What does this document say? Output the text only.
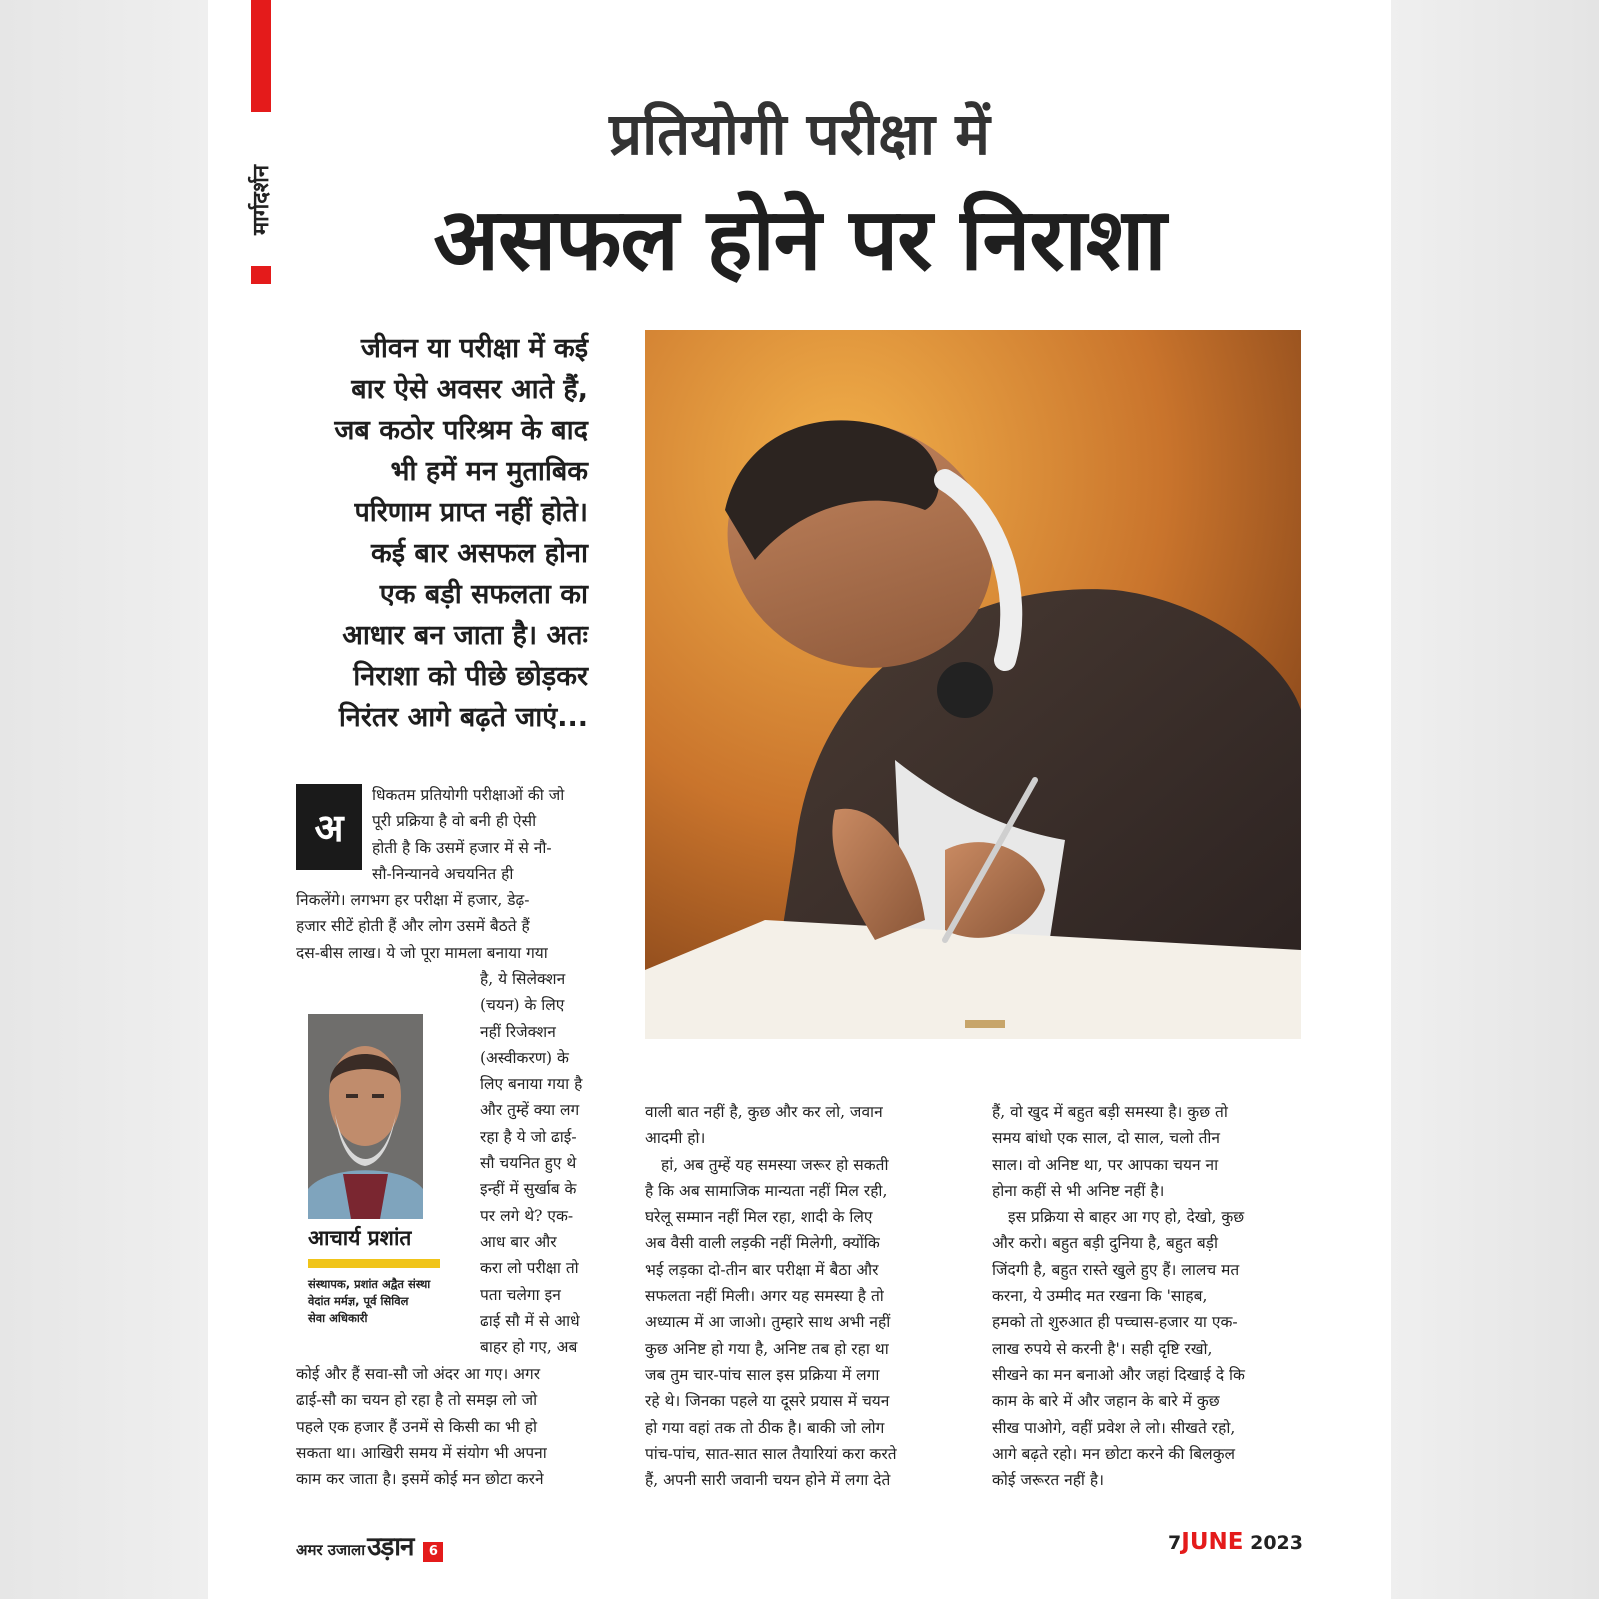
मार्गदर्शन
प्रतियोगी परीक्षा में
असफल होने पर निराशा
जीवन या परीक्षा में कई
बार ऐसे अवसर आते हैं,
जब कठोर परिश्रम के बाद
भी हमें मन मुताबिक
परिणाम प्राप्त नहीं होते।
कई बार असफल होना
एक बड़ी सफलता का
आधार बन जाता है। अतः
निराशा को पीछे छोड़कर
निरंतर आगे बढ़ते जाएं...
अ
धिकतम प्रतियोगी परीक्षाओं की जो
पूरी प्रक्रिया है वो बनी ही ऐसी
होती है कि उसमें हजार में से नौ-
सौ-निन्यानवे अचयनित ही
निकलेंगे। लगभग हर परीक्षा में हजार, डेढ़-
हजार सीटें होती हैं और लोग उसमें बैठते हैं
दस-बीस लाख। ये जो पूरा मामला बनाया गया
है, ये सिलेक्शन
(चयन) के लिए
नहीं रिजेक्शन
(अस्वीकरण) के
लिए बनाया गया है
और तुम्हें क्या लग
रहा है ये जो ढाई-
सौ चयनित हुए थे
इन्हीं में सुर्खाब के
पर लगे थे? एक-
आध बार और
करा लो परीक्षा तो
पता चलेगा इन
ढाई सौ में से आधे
बाहर हो गए, अब
कोई और हैं सवा-सौ जो अंदर आ गए। अगर
ढाई-सौ का चयन हो रहा है तो समझ लो जो
पहले एक हजार हैं उनमें से किसी का भी हो
सकता था। आखिरी समय में संयोग भी अपना
काम कर जाता है। इसमें कोई मन छोटा करने
आचार्य प्रशांत
संस्थापक, प्रशांत अद्वैत संस्था
वेदांत मर्मज्ञ, पूर्व सिविल
सेवा अधिकारी
वाली बात नहीं है, कुछ और कर लो, जवान
आदमी हो।
हां, अब तुम्हें यह समस्या जरूर हो सकती
है कि अब सामाजिक मान्यता नहीं मिल रही,
घरेलू सम्मान नहीं मिल रहा, शादी के लिए
अब वैसी वाली लड़की नहीं मिलेगी, क्योंकि
भई लड़का दो-तीन बार परीक्षा में बैठा और
सफलता नहीं मिली। अगर यह समस्या है तो
अध्यात्म में आ जाओ। तुम्हारे साथ अभी नहीं
कुछ अनिष्ट हो गया है, अनिष्ट तब हो रहा था
जब तुम चार-पांच साल इस प्रक्रिया में लगा
रहे थे। जिनका पहले या दूसरे प्रयास में चयन
हो गया वहां तक तो ठीक है। बाकी जो लोग
पांच-पांच, सात-सात साल तैयारियां करा करते
हैं, अपनी सारी जवानी चयन होने में लगा देते
हैं, वो खुद में बहुत बड़ी समस्या है। कुछ तो
समय बांधो एक साल, दो साल, चलो तीन
साल। वो अनिष्ट था, पर आपका चयन ना
होना कहीं से भी अनिष्ट नहीं है।
इस प्रक्रिया से बाहर आ गए हो, देखो, कुछ
और करो। बहुत बड़ी दुनिया है, बहुत बड़ी
जिंदगी है, बहुत रास्ते खुले हुए हैं। लालच मत
करना, ये उम्मीद मत रखना कि 'साहब,
हमको तो शुरुआत ही पच्चास-हजार या एक-
लाख रुपये से करनी है'। सही दृष्टि रखो,
सीखने का मन बनाओ और जहां दिखाई दे कि
काम के बारे में और जहान के बारे में कुछ
सीख पाओगे, वहीं प्रवेश ले लो। सीखते रहो,
आगे बढ़ते रहो। मन छोटा करने की बिलकुल
कोई जरूरत नहीं है।
अमर उजाला उड़ान	6	7JUNE 2023
